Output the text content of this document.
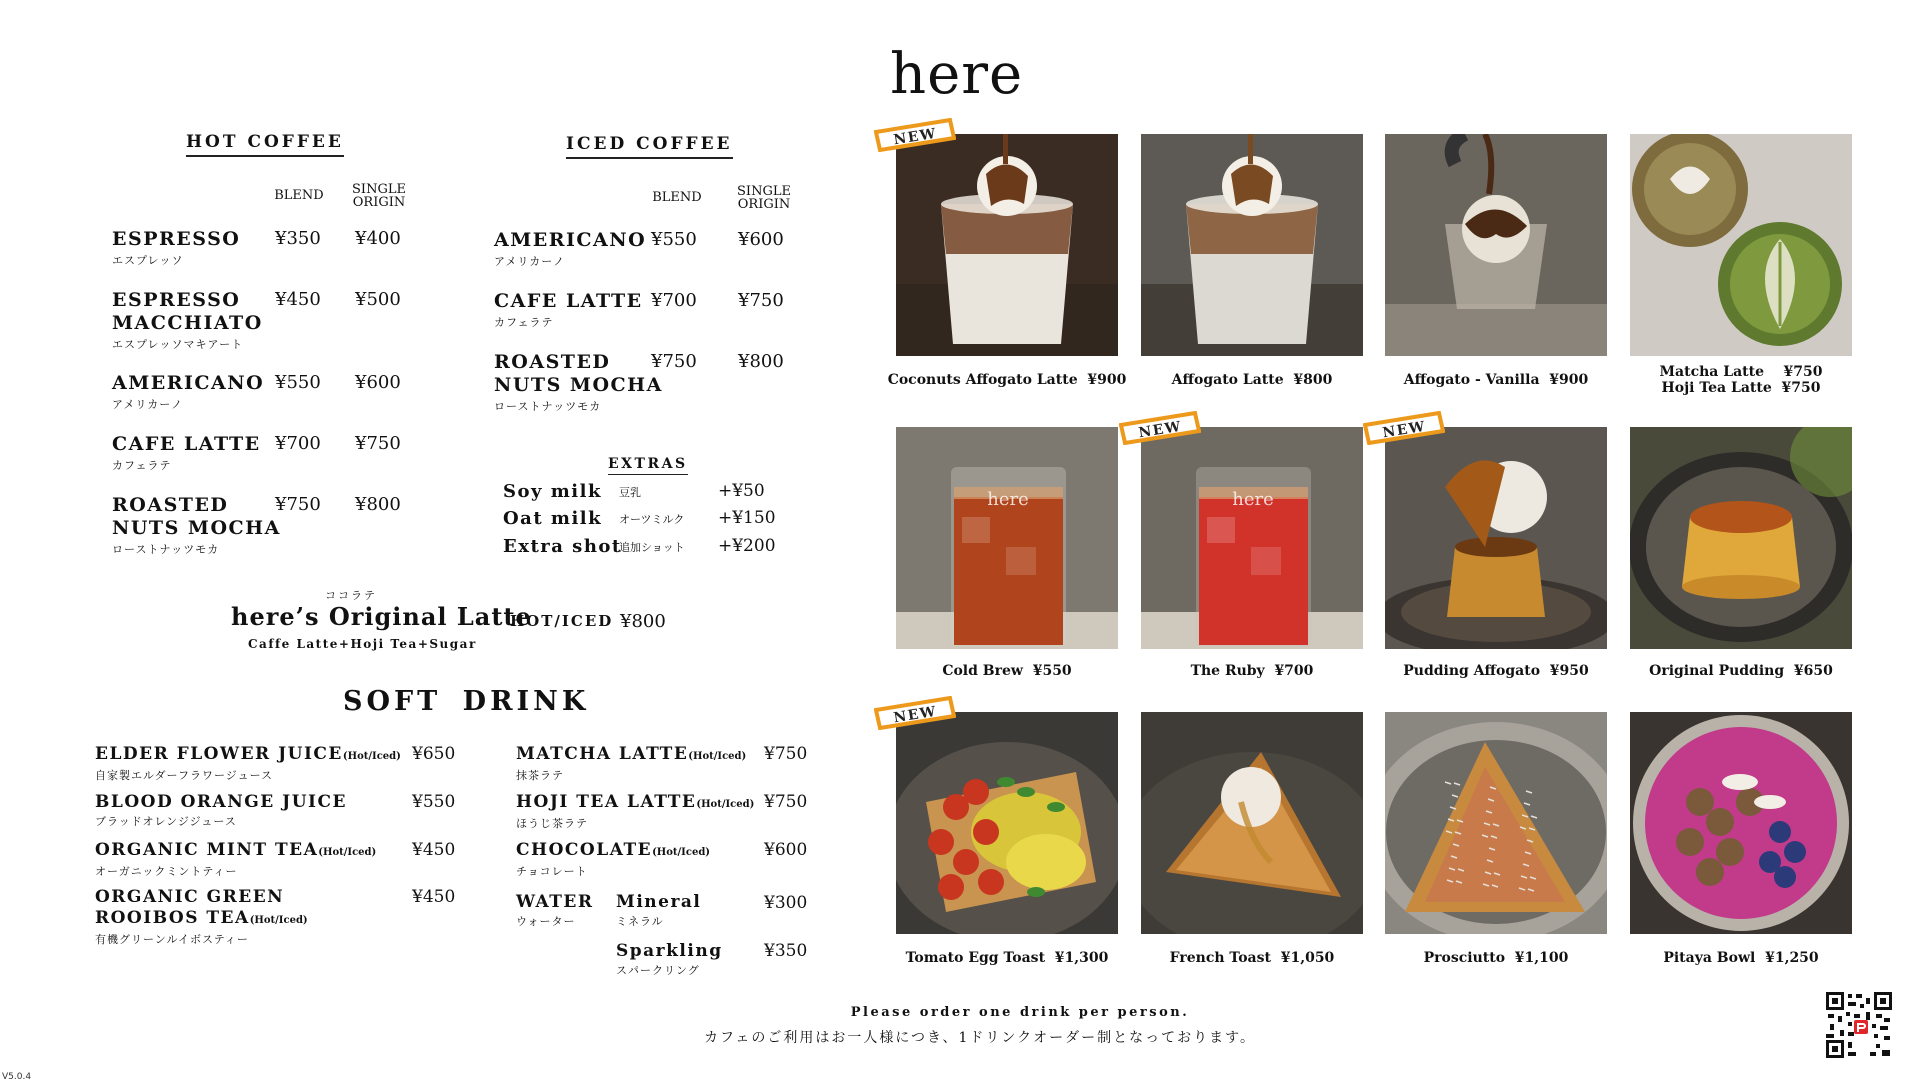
here
HOT COFFEE
BLEND SINGLE
ORIGIN
ESPRESSO
エスプレッソ
¥350 ¥400
ESPRESSO
MACCHIATO
エスプレッソマキアート
¥450 ¥500
AMERICANO
アメリカーノ
¥550 ¥600
CAFE LATTE
カフェラテ
¥700 ¥750
ROASTED
NUTS MOCHA
ローストナッツモカ
¥750 ¥800
ICED COFFEE
BLEND	SINGLE
ORIGIN
AMERICANO
アメリカーノ
¥550 ¥600
CAFE LATTE
カフェラテ
¥700 ¥750
ROASTED
NUTS MOCHA
ローストナッツモカ
¥750 ¥800
EXTRAS
Soy milk 豆乳	+¥50
Oat milk オーツミルク +¥150
Extra shot
追加ショット +¥200
ココラテ
here’s Original Latte
Caffe Latte+Hoji Tea+Sugar
HOT/ICED ¥800
SOFT DRINK
ELDER FLOWER JUICE(Hot/Iced)
自家製エルダーフラワージュース
¥650
BLOOD ORANGE JUICE
ブラッドオレンジジュース
¥550
ORGANIC MINT TEA(Hot/Iced)
オーガニックミントティー
¥450
ORGANIC GREEN
ROOIBOS TEA(Hot/Iced)
有機グリーンルイボスティー
¥450
MATCHA LATTE(Hot/Iced)
抹茶ラテ
¥750
HOJI TEA LATTE(Hot/Iced)
ほうじ茶ラテ
¥750
CHOCOLATE(Hot/Iced)
チョコレート
¥600
WATER
ウォーター
Mineral
ミネラル
¥300
Sparkling
スパークリング
¥350
Coconuts Affogato Latte  ¥900
NEW
Affogato Latte  ¥800	Affogato - Vanilla  ¥900	Matcha Latte    ¥750
Hoji Tea Latte  ¥750
here
Cold Brew  ¥550
here
The Ruby  ¥700
NEW
Pudding Affogato  ¥950
NEW
Original Pudding  ¥650
Tomato Egg Toast  ¥1,300
NEW
French Toast  ¥1,050	Prosciutto  ¥1,100	Pitaya Bowl  ¥1,250
Please order one drink per person.
カフェのご利用はお一人様につき、1ドリンクオーダー制となっております。
V5.0.4
